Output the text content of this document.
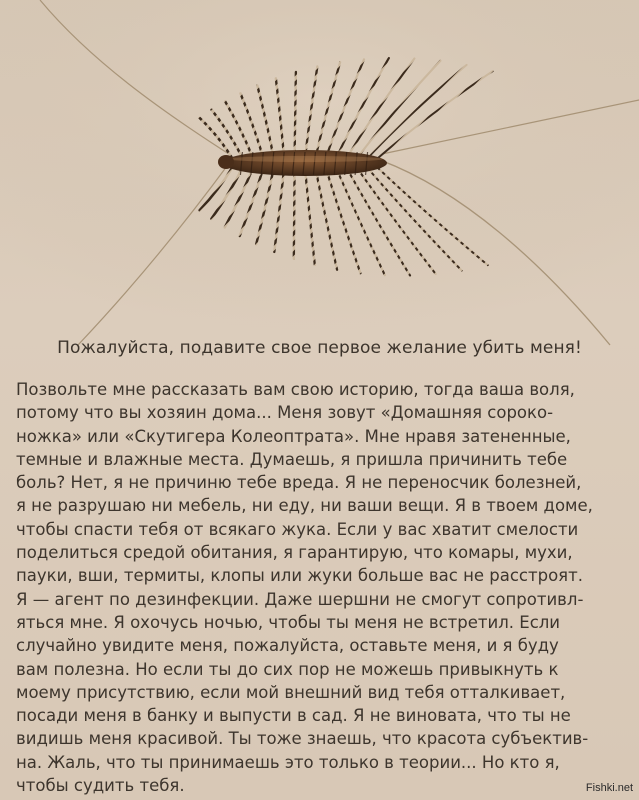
Пожалуйста, подавите свое первое желание убить меня!

Позвольте мне рассказать вам свою историю, тогда ваша воля,
потому что вы хозяин дома... Меня зовут «Домашняя сороко-
ножка» или «Скутигера Колеоптрата». Мне нравя затененные,
темные и влажные места. Думаешь, я пришла причинить тебе
боль? Нет, я не причиню тебе вреда. Я не переносчик болезней,
я не разрушаю ни мебель, ни еду, ни ваши вещи. Я в твоем доме,
чтобы спасти тебя от всякаго жука. Если у вас хватит смелости
поделиться средой обитания, я гарантирую, что комары, мухи,
пауки, вши, термиты, клопы или жуки больше вас не расстроят.
Я — агент по дезинфекции. Даже шершни не смогут сопротивл-
яться мне. Я охочусь ночью, чтобы ты меня не встретил. Если
случайно увидите меня, пожалуйста, оставьте меня, и я буду
вам полезна. Но если ты до сих пор не можешь привыкнуть к
моему присутствию, если мой внешний вид тебя отталкивает,
посади меня в банку и выпусти в сад. Я не виновата, что ты не
видишь меня красивой. Ты тоже знаешь, что красота субъектив-
на. Жаль, что ты принимаешь это только в теории... Но кто я,
чтобы судить тебя.	Fishki.net
